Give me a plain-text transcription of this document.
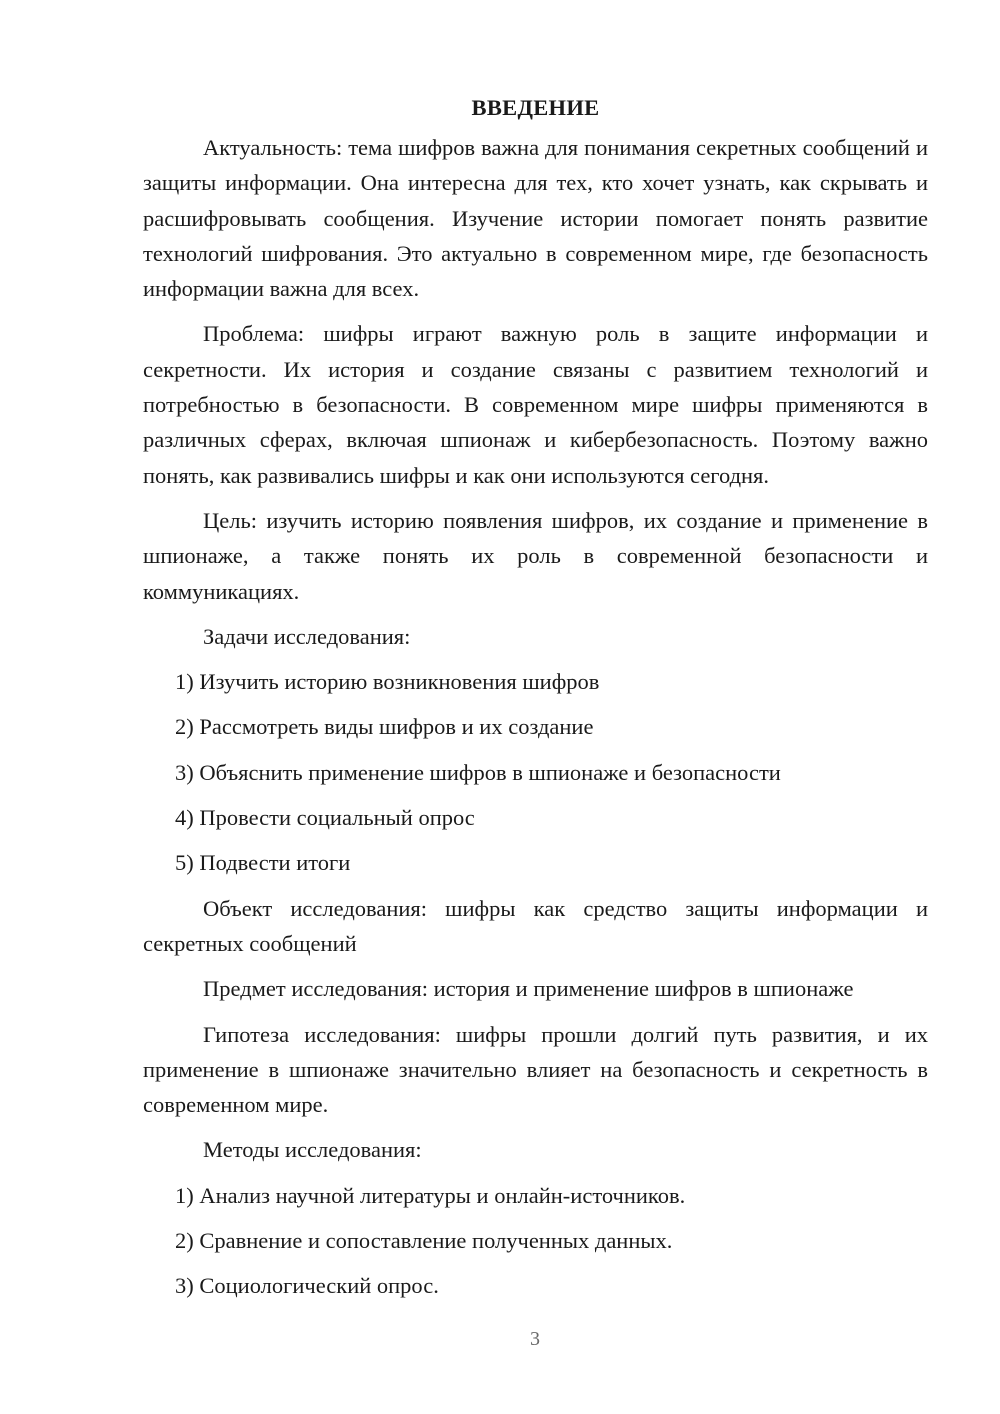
ВВЕДЕНИЕ

Актуальность: тема шифров важна для понимания секретных сообщений и защиты информации. Она интересна для тех, кто хочет узнать, как скрывать и расшифровывать сообщения. Изучение истории помогает понять развитие технологий шифрования. Это актуально в современном мире, где безопасность информации важна для всех.

Проблема: шифры играют важную роль в защите информации и секретности. Их история и создание связаны с развитием технологий и потребностью в безопасности. В современном мире шифры применяются в различных сферах, включая шпионаж и кибербезопасность. Поэтому важно понять, как развивались шифры и как они используются сегодня.

Цель: изучить историю появления шифров, их создание и применение в шпионаже, а также понять их роль в современной безопасности и коммуникациях.

Задачи исследования:

1) Изучить историю возникновения шифров

2) Рассмотреть виды шифров и их создание

3) Объяснить применение шифров в шпионаже и безопасности

4) Провести социальный опрос

5) Подвести итоги

Объект исследования: шифры как средство защиты информации и секретных сообщений

Предмет исследования: история и применение шифров в шпионаже

Гипотеза исследования: шифры прошли долгий путь развития, и их применение в шпионаже значительно влияет на безопасность и секретность в современном мире.

Методы исследования:

1) Анализ научной литературы и онлайн-источников.

2) Сравнение и сопоставление полученных данных.

3) Социологический опрос.

3
